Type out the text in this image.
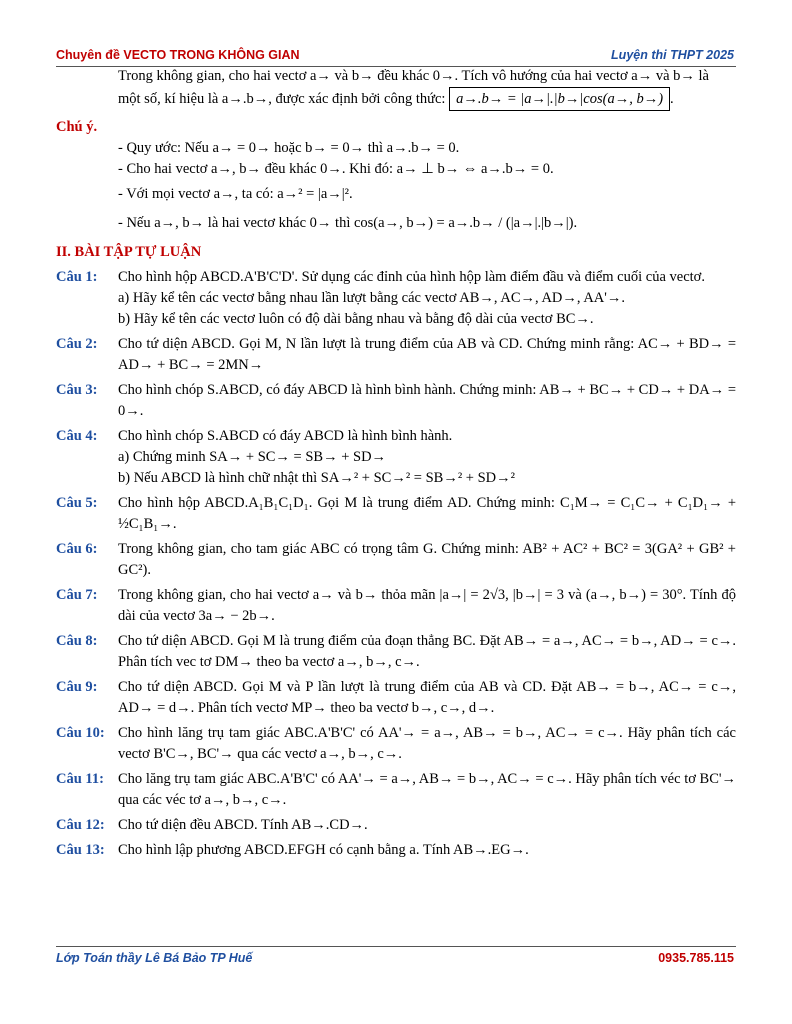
Chuyên đề VECTO TRONG KHÔNG GIAN	Luyện thi THPT 2025

Trong không gian, cho hai vectơ a→ và b→ đều khác 0→. Tích vô hướng của hai vectơ a→ và b→ là

một số, kí hiệu là a→.b→, được xác định bởi công thức: a→.b→ = |a→|.|b→|cos(a→, b→) .

Chú ý.

- Quy ước: Nếu a→ = 0→ hoặc b→ = 0→ thì a→.b→ = 0.

- Cho hai vectơ a→, b→ đều khác 0→. Khi đó: a→ ⊥ b→ ⇔ a→.b→ = 0.

- Với mọi vectơ a→, ta có: a→² = |a→|².

- Nếu a→, b→ là hai vectơ khác 0→ thì cos(a→, b→) = a→.b→ / (|a→|.|b→|).

II. BÀI TẬP TỰ LUẬN

Câu 1:	Cho hình hộp ABCD.A'B'C'D'. Sử dụng các đỉnh của hình hộp làm điểm đầu và điểm cuối của vectơ.

a) Hãy kể tên các vectơ bằng nhau lần lượt bằng các vectơ AB→, AC→, AD→, AA'→.

b) Hãy kể tên các vectơ luôn có độ dài bằng nhau và bằng độ dài của vectơ BC→.

Câu 2:	Cho tứ diện ABCD. Gọi M, N lần lượt là trung điểm của AB và CD. Chứng minh rằng: AC→ + BD→ = AD→ + BC→ = 2MN→

Câu 3:	Cho hình chóp S.ABCD, có đáy ABCD là hình bình hành. Chứng minh: AB→ + BC→ + CD→ + DA→ = 0→.

Câu 4:	Cho hình chóp S.ABCD có đáy ABCD là hình bình hành.

a) Chứng minh SA→ + SC→ = SB→ + SD→

b) Nếu ABCD là hình chữ nhật thì SA→² + SC→² = SB→² + SD→²

Câu 5:	Cho hình hộp ABCD.A₁B₁C₁D₁. Gọi M là trung điểm AD. Chứng minh: C₁M→ = C₁C→ + C₁D₁→ + ½C₁B₁→.

Câu 6:	Trong không gian, cho tam giác ABC có trọng tâm G. Chứng minh: AB² + AC² + BC² = 3(GA² + GB² + GC²).

Câu 7:	Trong không gian, cho hai vectơ a→ và b→ thỏa mãn |a→| = 2√3, |b→| = 3 và (a→, b→) = 30°. Tính độ dài của vectơ 3a→ − 2b→.

Câu 8:	Cho tứ diện ABCD. Gọi M là trung điểm của đoạn thẳng BC. Đặt AB→ = a→, AC→ = b→, AD→ = c→. Phân tích vec tơ DM→ theo ba vectơ a→, b→, c→.

Câu 9:	Cho tứ diện ABCD. Gọi M và P lần lượt là trung điểm của AB và CD. Đặt AB→ = b→, AC→ = c→, AD→ = d→. Phân tích vectơ MP→ theo ba vectơ b→, c→, d→.

Câu 10: Cho hình lăng trụ tam giác ABC.A'B'C' có AA'→ = a→, AB→ = b→, AC→ = c→. Hãy phân tích các vectơ B'C→, BC'→ qua các vectơ a→, b→, c→.

Câu 11: Cho lăng trụ tam giác ABC.A'B'C' có AA'→ = a→, AB→ = b→, AC→ = c→. Hãy phân tích véc tơ BC'→ qua các véc tơ a→, b→, c→.

Câu 12: Cho tứ diện đều ABCD. Tính AB→.CD→.

Câu 13: Cho hình lập phương ABCD.EFGH có cạnh bằng a. Tính AB→.EG→.

Lớp Toán thầy Lê Bá Bảo TP Huế	0935.785.115
